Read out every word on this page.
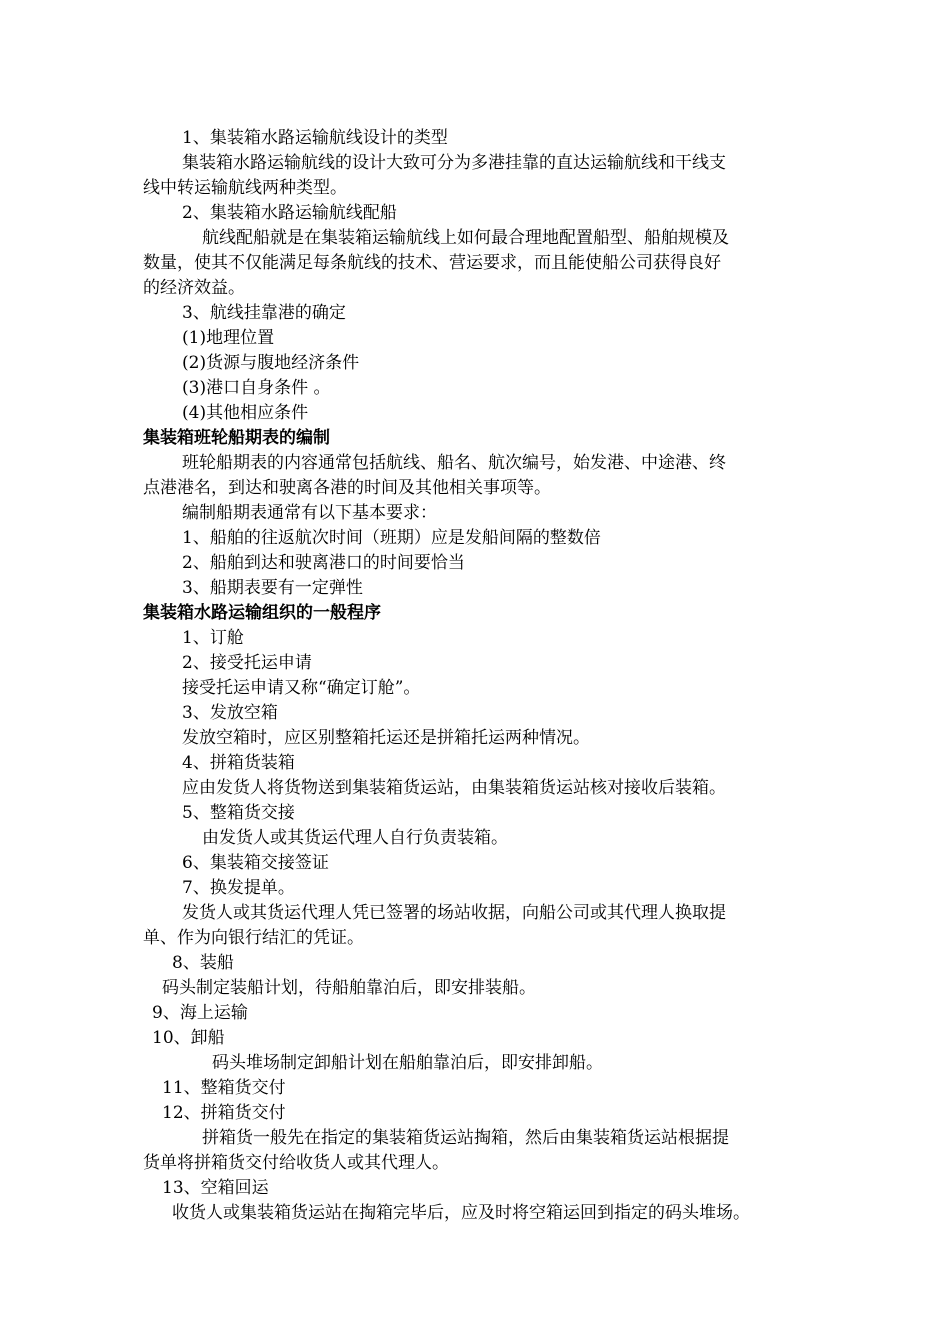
1、集装箱水路运输航线设计的类型
集装箱水路运输航线的设计大致可分为多港挂靠的直达运输航线和干线支
线中转运输航线两种类型。
2、集装箱水路运输航线配船
航线配船就是在集装箱运输航线上如何最合理地配置船型、船舶规模及
数量，使其不仅能满足每条航线的技术、营运要求，而且能使船公司获得良好
的经济效益。
3、航线挂靠港的确定
(1)地理位置
(2)货源与腹地经济条件
(3)港口自身条件 。
(4)其他相应条件
集装箱班轮船期表的编制
班轮船期表的内容通常包括航线、船名、航次编号，始发港、中途港、终
点港港名，到达和驶离各港的时间及其他相关事项等。
编制船期表通常有以下基本要求：
1、船舶的往返航次时间（班期）应是发船间隔的整数倍
2、船舶到达和驶离港口的时间要恰当
3、船期表要有一定弹性
集装箱水路运输组织的一般程序
1、订舱
2、接受托运申请
接受托运申请又称“确定订舱”。
3、发放空箱
发放空箱时，应区别整箱托运还是拼箱托运两种情况。
4、拼箱货装箱
应由发货人将货物送到集装箱货运站，由集装箱货运站核对接收后装箱。
5、整箱货交接
由发货人或其货运代理人自行负责装箱。
6、集装箱交接签证
7、换发提单。
发货人或其货运代理人凭已签署的场站收据，向船公司或其代理人换取提
单、作为向银行结汇的凭证。
8、装船
码头制定装船计划，待船舶靠泊后，即安排装船。
9、海上运输
10、卸船
码头堆场制定卸船计划在船舶靠泊后，即安排卸船。
11、整箱货交付
12、拼箱货交付
拼箱货一般先在指定的集装箱货运站掏箱，然后由集装箱货运站根据提
货单将拼箱货交付给收货人或其代理人。
13、空箱回运
收货人或集装箱货运站在掏箱完毕后，应及时将空箱运回到指定的码头堆场。
